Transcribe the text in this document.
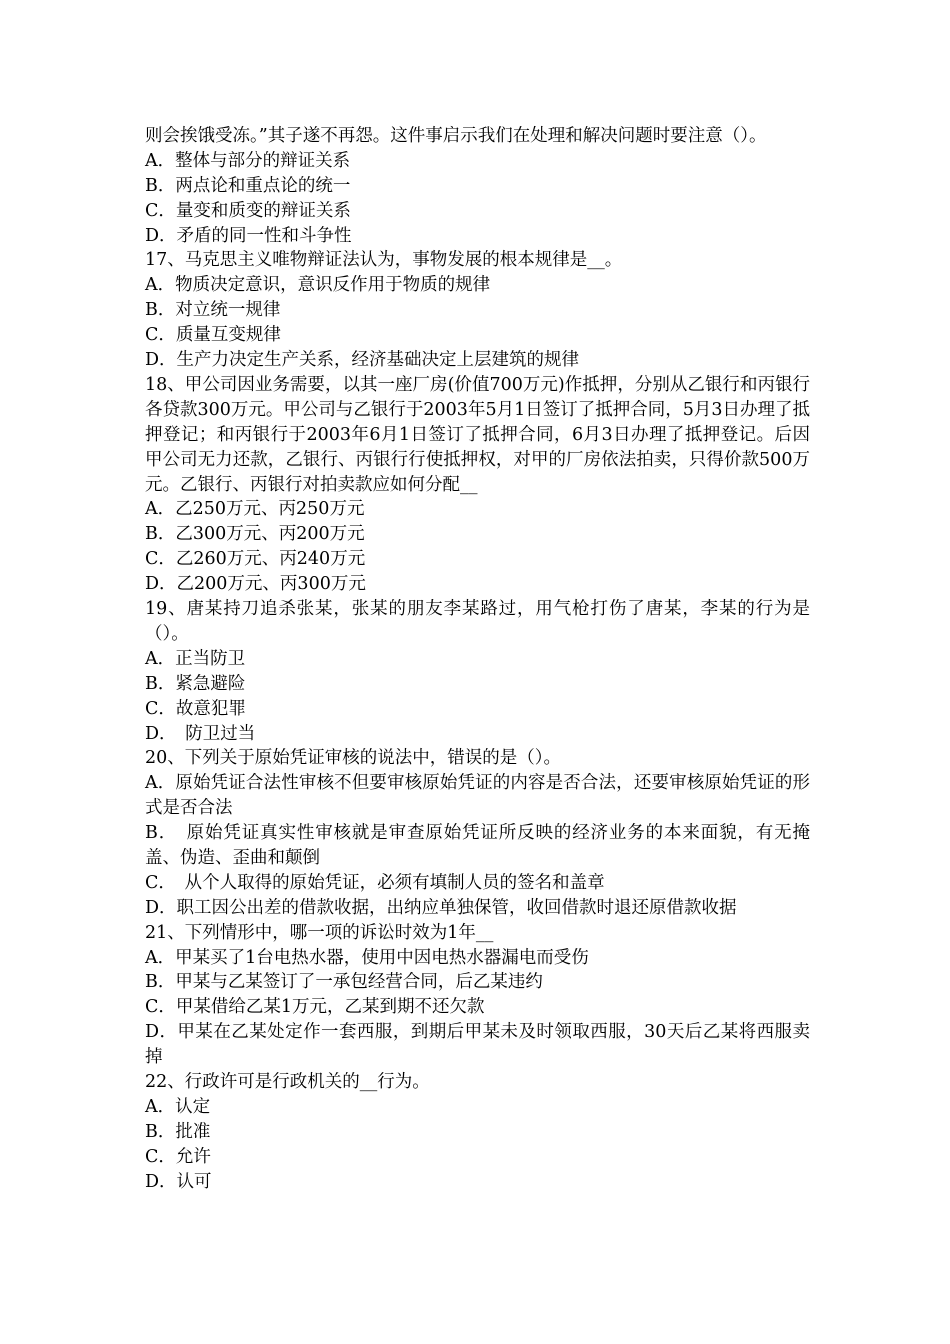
则会挨饿受冻。”其子遂不再怨。这件事启示我们在处理和解决问题时要注意（）。
A．整体与部分的辩证关系
B．两点论和重点论的统一
C．量变和质变的辩证关系
D．矛盾的同一性和斗争性
17、马克思主义唯物辩证法认为，事物发展的根本规律是__。
A．物质决定意识，意识反作用于物质的规律
B．对立统一规律
C．质量互变规律
D．生产力决定生产关系，经济基础决定上层建筑的规律
18、甲公司因业务需要，以其一座厂房(价值700万元)作抵押，分别从乙银行和丙银行各贷款300万元。甲公司与乙银行于2003年5月1日签订了抵押合同，5月3日办理了抵押登记；和丙银行于2003年6月1日签订了抵押合同，6月3日办理了抵押登记。后因甲公司无力还款，乙银行、丙银行行使抵押权，对甲的厂房依法拍卖，只得价款500万元。乙银行、丙银行对拍卖款应如何分配__
A．乙250万元、丙250万元
B．乙300万元、丙200万元
C．乙260万元、丙240万元
D．乙200万元、丙300万元
19、唐某持刀追杀张某，张某的朋友李某路过，用气枪打伤了唐某，李某的行为是（）。
A．正当防卫
B．紧急避险
C．故意犯罪
D．　防卫过当
20、下列关于原始凭证审核的说法中，错误的是（）。
A．原始凭证合法性审核不但要审核原始凭证的内容是否合法，还要审核原始凭证的形式是否合法
B．　原始凭证真实性审核就是审查原始凭证所反映的经济业务的本来面貌，有无掩盖、伪造、歪曲和颠倒
C．　从个人取得的原始凭证，必须有填制人员的签名和盖章
D．职工因公出差的借款收据，出纳应单独保管，收回借款时退还原借款收据
21、下列情形中，哪一项的诉讼时效为1年__
A．甲某买了1台电热水器，使用中因电热水器漏电而受伤
B．甲某与乙某签订了一承包经营合同，后乙某违约
C．甲某借给乙某1万元，乙某到期不还欠款
D．甲某在乙某处定作一套西服，到期后甲某未及时领取西服，30天后乙某将西服卖掉
22、行政许可是行政机关的__行为。
A．认定
B．批准
C．允许
D．认可
